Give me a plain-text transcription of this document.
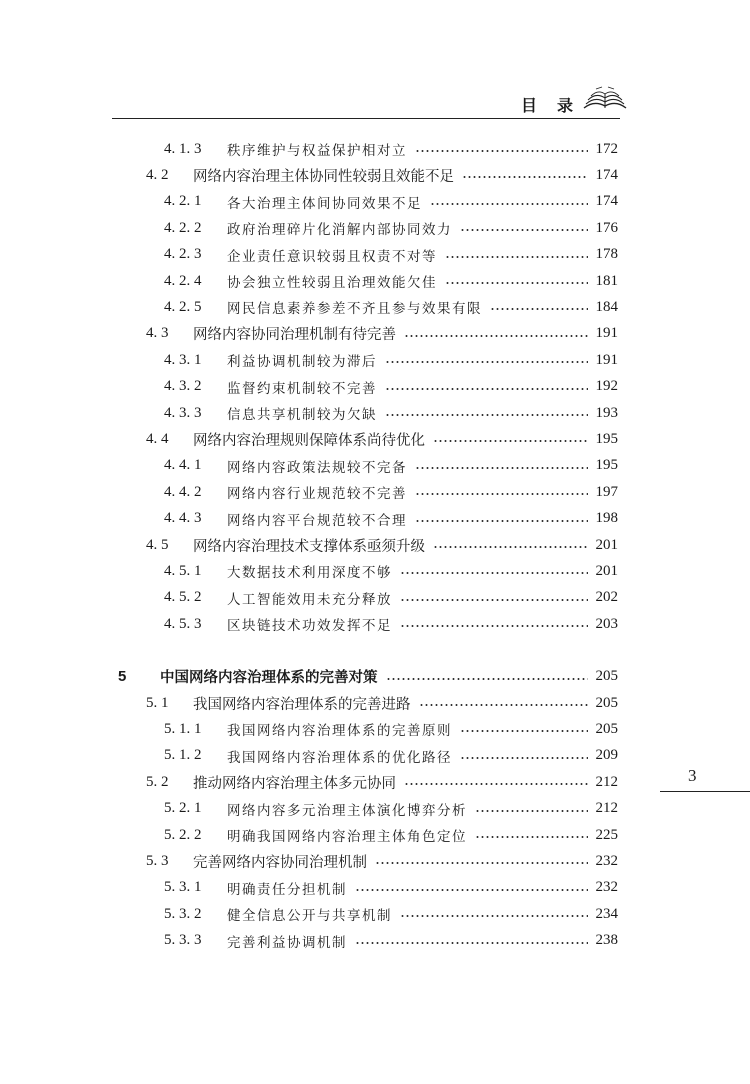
目 录
4. 1. 3 秩序维护与权益保护相对立	172
4. 2 网络内容治理主体协同性较弱且效能不足	174
4. 2. 1 各大治理主体间协同效果不足	174
4. 2. 2 政府治理碎片化消解内部协同效力	176
4. 2. 3 企业责任意识较弱且权责不对等	178
4. 2. 4 协会独立性较弱且治理效能欠佳	181
4. 2. 5 网民信息素养参差不齐且参与效果有限	184
4. 3 网络内容协同治理机制有待完善	191
4. 3. 1 利益协调机制较为滞后	191
4. 3. 2 监督约束机制较不完善	192
4. 3. 3 信息共享机制较为欠缺	193
4. 4 网络内容治理规则保障体系尚待优化	195
4. 4. 1 网络内容政策法规较不完备	195
4. 4. 2 网络内容行业规范较不完善	197
4. 4. 3 网络内容平台规范较不合理	198
4. 5 网络内容治理技术支撑体系亟须升级	201
4. 5. 1 大数据技术利用深度不够	201
4. 5. 2 人工智能效用未充分释放	202
4. 5. 3 区块链技术功效发挥不足	203
5 中国网络内容治理体系的完善对策	205
5. 1 我国网络内容治理体系的完善进路	205
5. 1. 1 我国网络内容治理体系的完善原则	205
5. 1. 2 我国网络内容治理体系的优化路径	209
5. 2 推动网络内容治理主体多元协同	212
5. 2. 1 网络内容多元治理主体演化博弈分析	212
5. 2. 2 明确我国网络内容治理主体角色定位	225
5. 3 完善网络内容协同治理机制	232
5. 3. 1 明确责任分担机制	232
5. 3. 2 健全信息公开与共享机制	234
5. 3. 3 完善利益协调机制	238
3
